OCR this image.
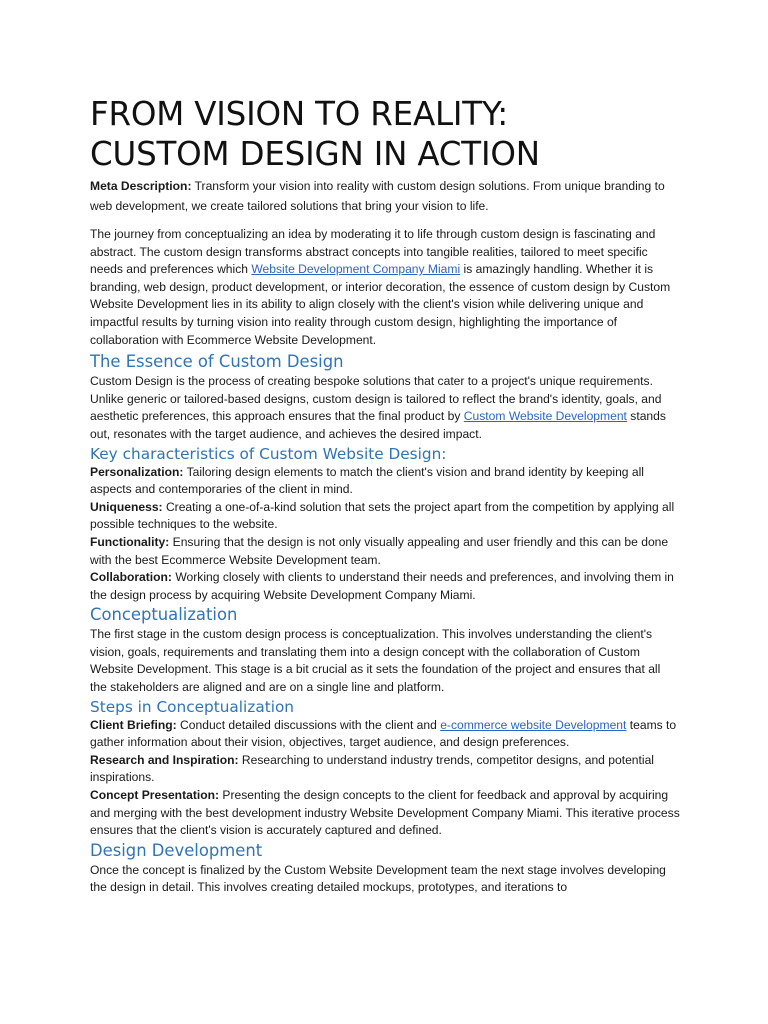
FROM VISION TO REALITY:
CUSTOM DESIGN IN ACTION

Meta Description: Transform your vision into reality with custom design solutions. From unique branding to web development, we create tailored solutions that bring your vision to life.

The journey from conceptualizing an idea by moderating it to life through custom design is fascinating and abstract. The custom design transforms abstract concepts into tangible realities, tailored to meet specific needs and preferences which Website Development Company Miami is amazingly handling. Whether it is branding, web design, product development, or interior decoration, the essence of custom design by Custom Website Development lies in its ability to align closely with the client's vision while delivering unique and impactful results by turning vision into reality through custom design, highlighting the importance of collaboration with Ecommerce Website Development.

The Essence of Custom Design

Custom Design is the process of creating bespoke solutions that cater to a project's unique requirements. Unlike generic or tailored-based designs, custom design is tailored to reflect the brand's identity, goals, and aesthetic preferences, this approach ensures that the final product by Custom Website Development stands out, resonates with the target audience, and achieves the desired impact.

Key characteristics of Custom Website Design:

Personalization: Tailoring design elements to match the client's vision and brand identity by keeping all aspects and contemporaries of the client in mind.

Uniqueness: Creating a one-of-a-kind solution that sets the project apart from the competition by applying all possible techniques to the website.

Functionality: Ensuring that the design is not only visually appealing and user friendly and this can be done with the best Ecommerce Website Development team.

Collaboration: Working closely with clients to understand their needs and preferences, and involving them in the design process by acquiring Website Development Company Miami.

Conceptualization

The first stage in the custom design process is conceptualization. This involves understanding the client's vision, goals, requirements and translating them into a design concept with the collaboration of Custom Website Development. This stage is a bit crucial as it sets the foundation of the project and ensures that all the stakeholders are aligned and are on a single line and platform.

Steps in Conceptualization

Client Briefing: Conduct detailed discussions with the client and e-commerce website Development teams to gather information about their vision, objectives, target audience, and design preferences.

Research and Inspiration: Researching to understand industry trends, competitor designs, and potential inspirations.

Concept Presentation: Presenting the design concepts to the client for feedback and approval by acquiring and merging with the best development industry Website Development Company Miami. This iterative process ensures that the client's vision is accurately captured and defined.

Design Development

Once the concept is finalized by the Custom Website Development team the next stage involves developing the design in detail. This involves creating detailed mockups, prototypes, and iterations to
